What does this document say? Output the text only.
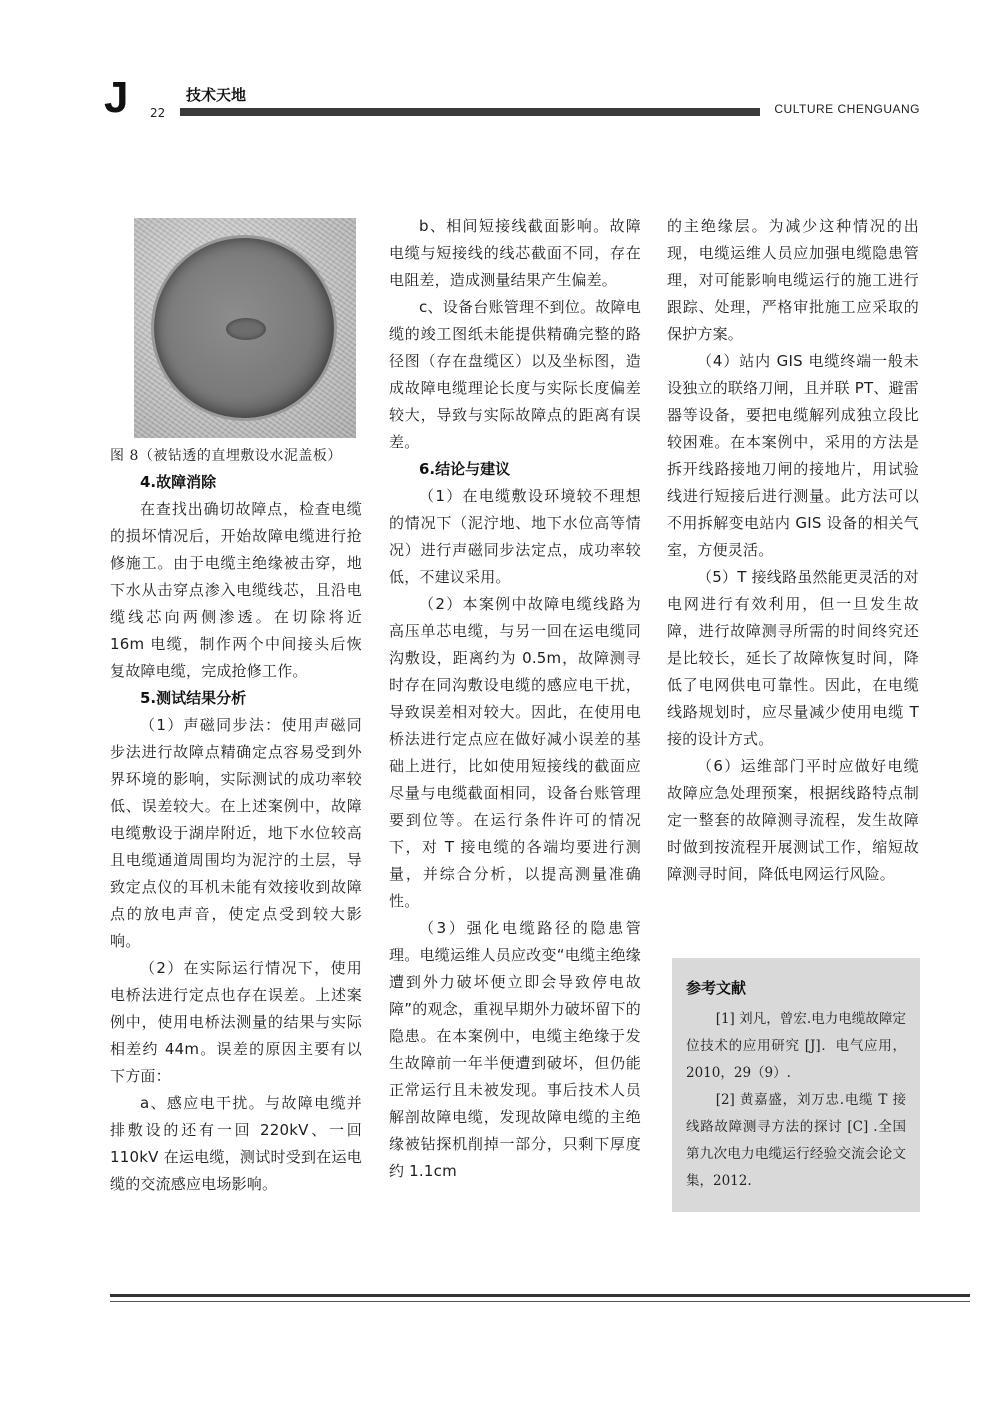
J 22
技术天地
CULTURE CHENGUANG
图 8（被钻透的直埋敷设水泥盖板）
4.故障消除

在查找出确切故障点，检查电缆的损坏情况后，开始故障电缆进行抢修施工。由于电缆主绝缘被击穿，地下水从击穿点渗入电缆线芯，且沿电缆线芯向两侧渗透。在切除将近 16m 电缆，制作两个中间接头后恢复故障电缆，完成抢修工作。

5.测试结果分析

（1）声磁同步法：使用声磁同步法进行故障点精确定点容易受到外界环境的影响，实际测试的成功率较低、误差较大。在上述案例中，故障电缆敷设于湖岸附近，地下水位较高且电缆通道周围均为泥泞的土层，导致定点仪的耳机未能有效接收到故障点的放电声音，使定点受到较大影响。

（2）在实际运行情况下，使用电桥法进行定点也存在误差。上述案例中，使用电桥法测量的结果与实际相差约 44m。误差的原因主要有以下方面：

a、感应电干扰。与故障电缆并排敷设的还有一回 220kV、一回 110kV 在运电缆，测试时受到在运电缆的交流感应电场影响。

b、相间短接线截面影响。故障电缆与短接线的线芯截面不同，存在电阻差，造成测量结果产生偏差。

c、设备台账管理不到位。故障电缆的竣工图纸未能提供精确完整的路径图（存在盘缆区）以及坐标图，造成故障电缆理论长度与实际长度偏差较大，导致与实际故障点的距离有误差。

6.结论与建议

（1）在电缆敷设环境较不理想的情况下（泥泞地、地下水位高等情况）进行声磁同步法定点，成功率较低，不建议采用。

（2）本案例中故障电缆线路为高压单芯电缆，与另一回在运电缆同沟敷设，距离约为 0.5m，故障测寻时存在同沟敷设电缆的感应电干扰，导致误差相对较大。因此，在使用电桥法进行定点应在做好减小误差的基础上进行，比如使用短接线的截面应尽量与电缆截面相同，设备台账管理要到位等。在运行条件许可的情况下，对 T 接电缆的各端均要进行测量，并综合分析，以提高测量准确性。

（3）强化电缆路径的隐患管理。电缆运维人员应改变“电缆主绝缘遭到外力破坏便立即会导致停电故障”的观念，重视早期外力破坏留下的隐患。在本案例中，电缆主绝缘于发生故障前一年半便遭到破坏，但仍能正常运行且未被发现。事后技术人员解剖故障电缆，发现故障电缆的主绝缘被钻探机削掉一部分，只剩下厚度约 1.1cm

的主绝缘层。为减少这种情况的出现，电缆运维人员应加强电缆隐患管理，对可能影响电缆运行的施工进行跟踪、处理，严格审批施工应采取的保护方案。

（4）站内 GIS 电缆终端一般未设独立的联络刀闸，且并联 PT、避雷器等设备，要把电缆解列成独立段比较困难。在本案例中，采用的方法是拆开线路接地刀闸的接地片，用试验线进行短接后进行测量。此方法可以不用拆解变电站内 GIS 设备的相关气室，方便灵活。

（5）T 接线路虽然能更灵活的对电网进行有效利用，但一旦发生故障，进行故障测寻所需的时间终究还是比较长，延长了故障恢复时间，降低了电网供电可靠性。因此，在电缆线路规划时，应尽量减少使用电缆 T 接的设计方式。

（6）运维部门平时应做好电缆故障应急处理预案，根据线路特点制定一整套的故障测寻流程，发生故障时做到按流程开展测试工作，缩短故障测寻时间，降低电网运行风险。

参考文献

[1] 刘凡，曾宏.电力电缆故障定位技术的应用研究 [J]．电气应用，2010，29（9）.

[2] 黄嘉盛，刘万忠.电缆 T 接线路故障测寻方法的探讨 [C] .全国第九次电力电缆运行经验交流会论文集，2012.
